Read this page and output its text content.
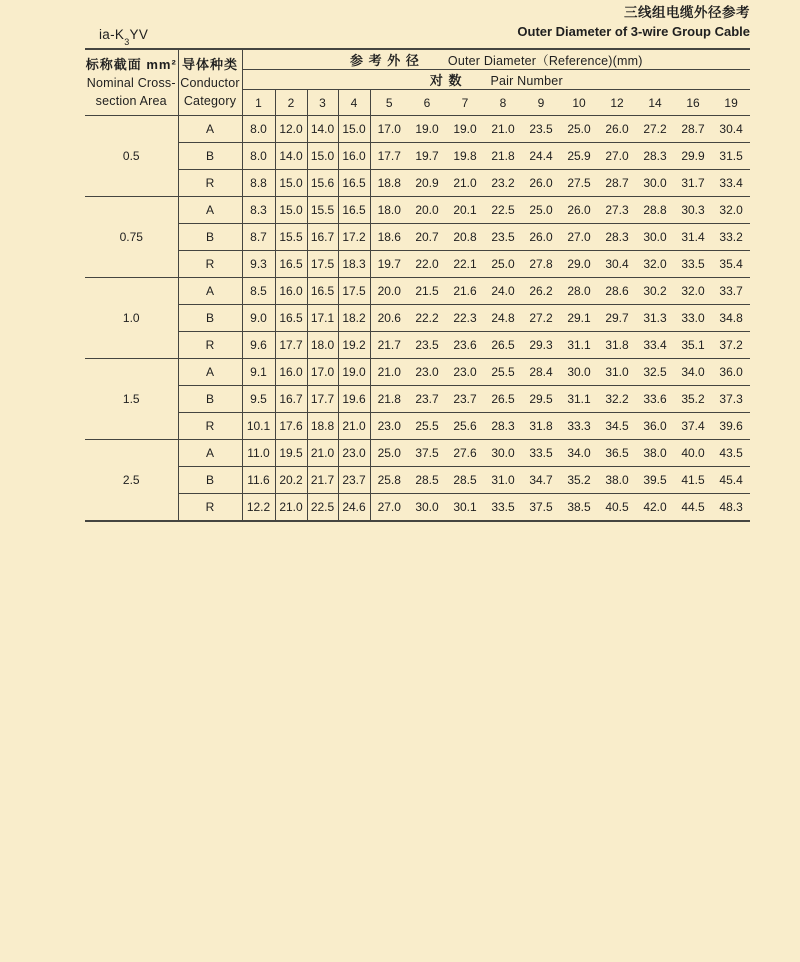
三线组电缆外径参考
Outer Diameter of 3-wire Group Cable
$ia-K_3YV$
标称截面 mm²
Nominal Cross-
section Area

导体种类
Conductor
Category
	参 考 外 径 Outer Diameter（Reference)(mm)
		对 数 Pair Number													
		1	2	3	4	5	6	7	8	9	10	12	14	16	19
0.5	A	8.0	12.0	14.0	15.0	17.0	19.0	19.0	21.0	23.5	25.0	26.0	27.2	28.7	30.4
	B	8.0	14.0	15.0	16.0	17.7	19.7	19.8	21.8	24.4	25.9	27.0	28.3	29.9	31.5
	R	8.8	15.0	15.6	16.5	18.8	20.9	21.0	23.2	26.0	27.5	28.7	30.0	31.7	33.4
0.75	A	8.3	15.0	15.5	16.5	18.0	20.0	20.1	22.5	25.0	26.0	27.3	28.8	30.3	32.0
	B	8.7	15.5	16.7	17.2	18.6	20.7	20.8	23.5	26.0	27.0	28.3	30.0	31.4	33.2
	R	9.3	16.5	17.5	18.3	19.7	22.0	22.1	25.0	27.8	29.0	30.4	32.0	33.5	35.4
1.0	A	8.5	16.0	16.5	17.5	20.0	21.5	21.6	24.0	26.2	28.0	28.6	30.2	32.0	33.7
	B	9.0	16.5	17.1	18.2	20.6	22.2	22.3	24.8	27.2	29.1	29.7	31.3	33.0	34.8
	R	9.6	17.7	18.0	19.2	21.7	23.5	23.6	26.5	29.3	31.1	31.8	33.4	35.1	37.2
1.5	A	9.1	16.0	17.0	19.0	21.0	23.0	23.0	25.5	28.4	30.0	31.0	32.5	34.0	36.0
	B	9.5	16.7	17.7	19.6	21.8	23.7	23.7	26.5	29.5	31.1	32.2	33.6	35.2	37.3
	R	10.1	17.6	18.8	21.0	23.0	25.5	25.6	28.3	31.8	33.3	34.5	36.0	37.4	39.6
2.5	A	11.0	19.5	21.0	23.0	25.0	37.5	27.6	30.0	33.5	34.0	36.5	38.0	40.0	43.5
	B	11.6	20.2	21.7	23.7	25.8	28.5	28.5	31.0	34.7	35.2	38.0	39.5	41.5	45.4
	R	12.2	21.0	22.5	24.6	27.0	30.0	30.1	33.5	37.5	38.5	40.5	42.0	44.5	48.3
